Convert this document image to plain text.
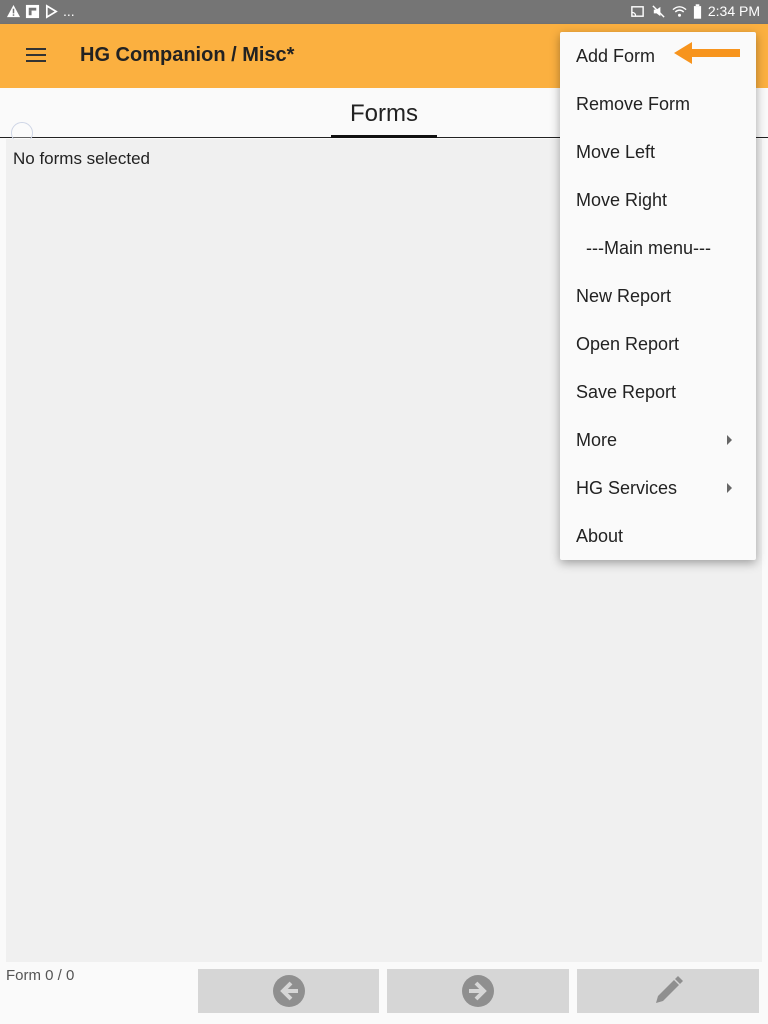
...	2:34 PM
HG Companion / Misc*
Forms
No forms selected
Form 0 / 0
Add Form
Remove Form
Move Left
Move Right
---Main menu---
New Report
Open Report
Save Report
More
HG Services
About
